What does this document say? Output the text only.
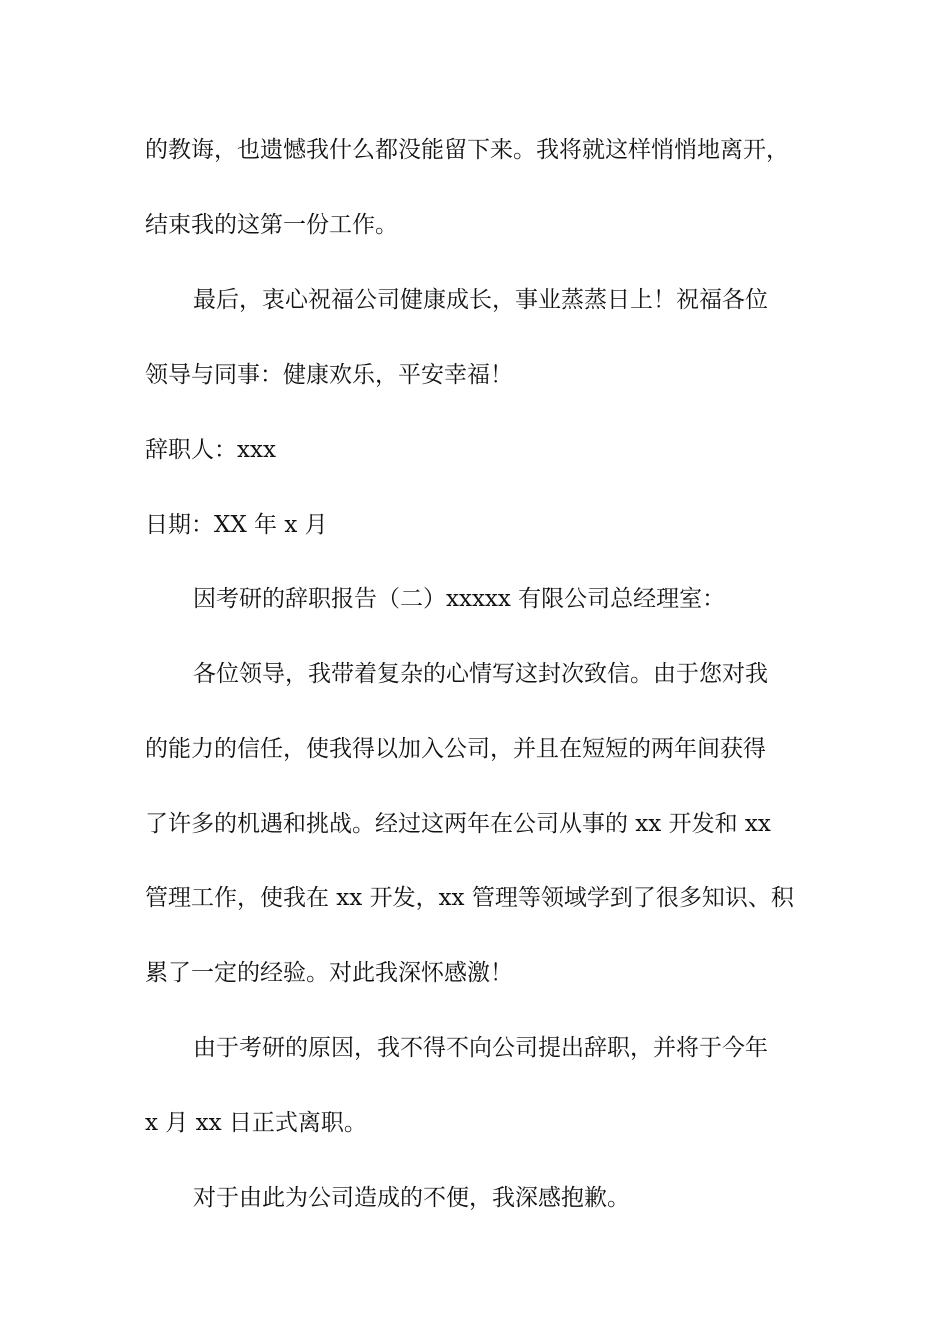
的教诲，也遗憾我什么都没能留下来。我将就这样悄悄地离开，
结束我的这第一份工作。
最后，衷心祝福公司健康成长，事业蒸蒸日上！祝福各位
领导与同事：健康欢乐，平安幸福！
辞职人：xxx
日期：XX 年 x 月
因考研的辞职报告（二）xxxxx 有限公司总经理室：
各位领导，我带着复杂的心情写这封次致信。由于您对我
的能力的信任，使我得以加入公司，并且在短短的两年间获得
了许多的机遇和挑战。经过这两年在公司从事的 xx 开发和 xx
管理工作，使我在 xx 开发，xx 管理等领域学到了很多知识、积
累了一定的经验。对此我深怀感激！
由于考研的原因，我不得不向公司提出辞职，并将于今年
x 月 xx 日正式离职。
对于由此为公司造成的不便，我深感抱歉。
